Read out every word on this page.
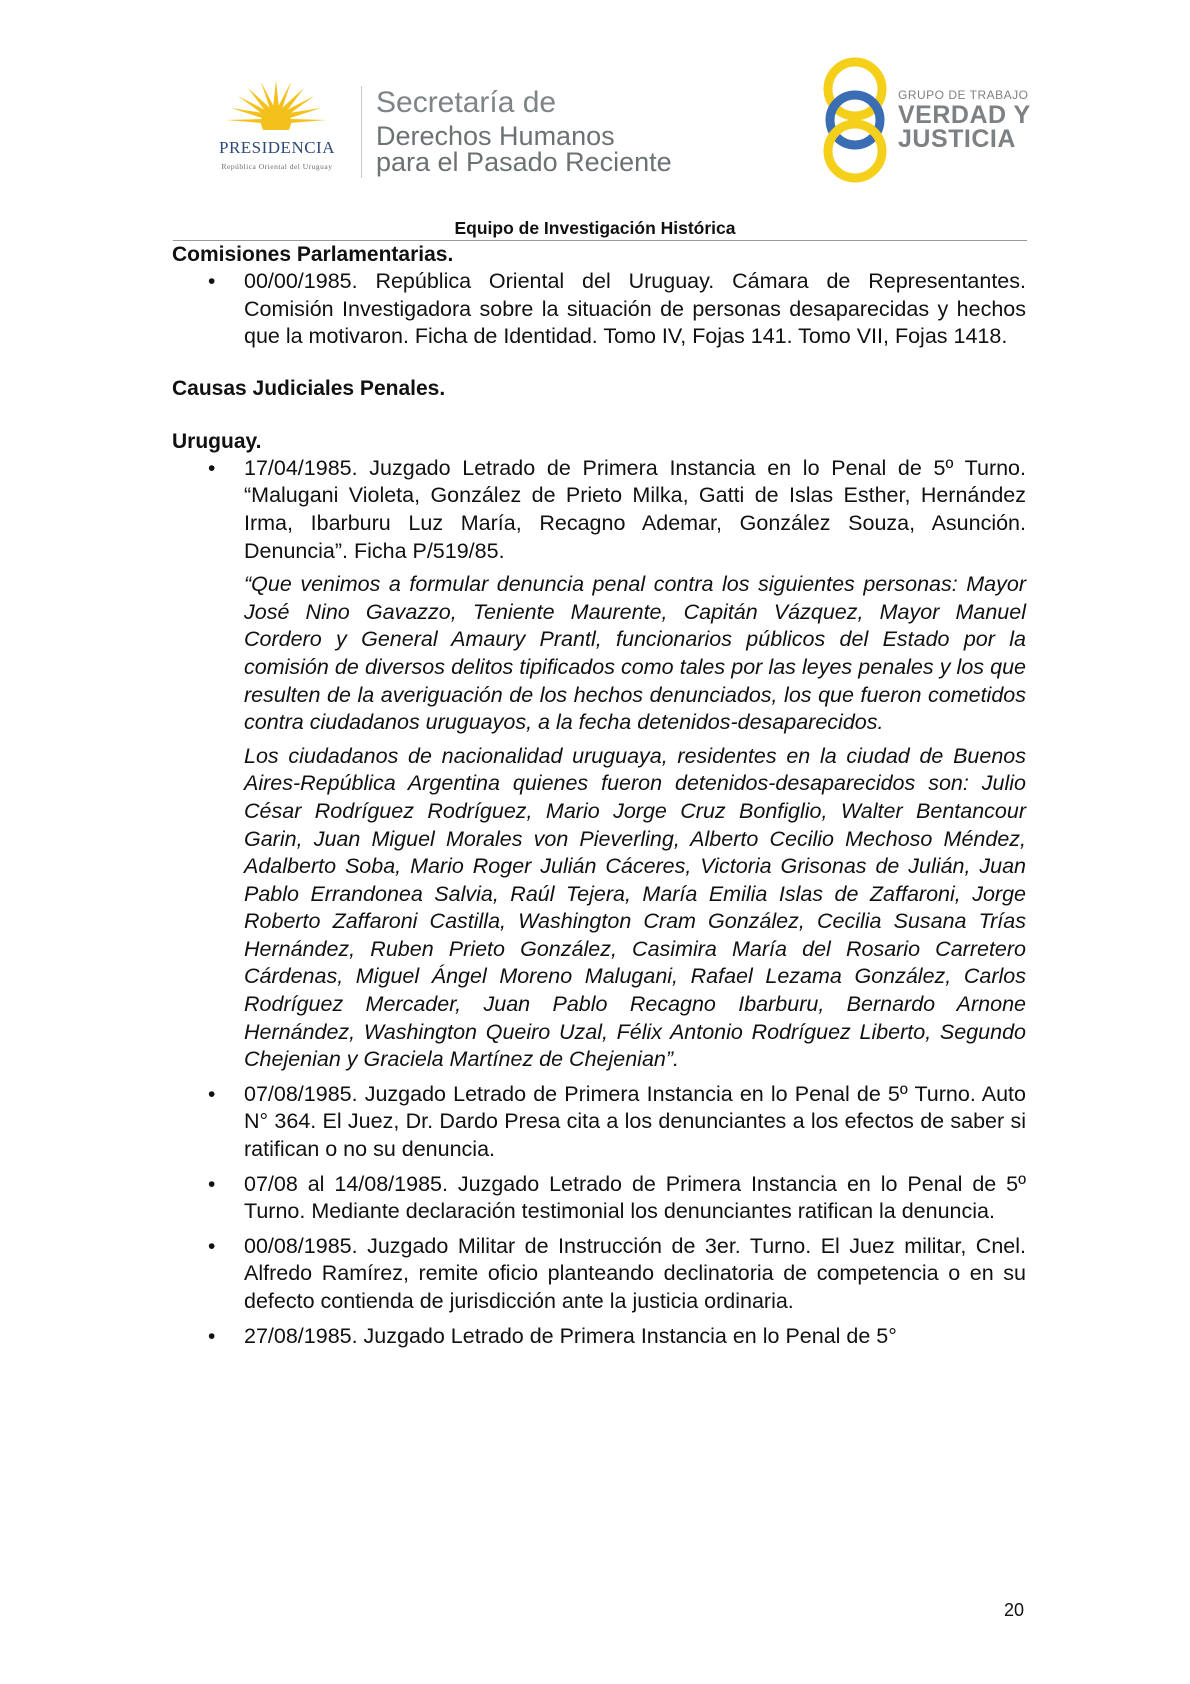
PRESIDENCIA
República Oriental del Uruguay
Secretaría de
Derechos Humanos
para el Pasado Reciente
GRUPO DE TRABAJO
VERDAD Y
JUSTICIA
Equipo de Investigación Histórica
Comisiones Parlamentarias.
• 00/00/1985. República Oriental del Uruguay. Cámara de Representantes. Comisión Investigadora sobre la situación de personas desaparecidas y hechos que la motivaron. Ficha de Identidad. Tomo IV, Fojas 141. Tomo VII, Fojas 1418.

Causas Judiciales Penales.
Uruguay.
• 17/04/1985. Juzgado Letrado de Primera Instancia en lo Penal de 5º Turno. “Malugani Violeta, González de Prieto Milka, Gatti de Islas Esther, Hernández Irma, Ibarburu Luz María, Recagno Ademar, González Souza, Asunción. Denuncia”. Ficha P/519/85.

“Que venimos a formular denuncia penal contra los siguientes personas: Mayor José Nino Gavazzo, Teniente Maurente, Capitán Vázquez, Mayor Manuel Cordero y General Amaury Prantl, funcionarios públicos del Estado por la comisión de diversos delitos tipificados como tales por las leyes penales y los que resulten de la averiguación de los hechos denunciados, los que fueron cometidos contra ciudadanos uruguayos, a la fecha detenidos-desaparecidos.

Los ciudadanos de nacionalidad uruguaya, residentes en la ciudad de Buenos Aires-República Argentina quienes fueron detenidos-desaparecidos son: Julio César Rodríguez Rodríguez, Mario Jorge Cruz Bonfiglio, Walter Bentancour Garin, Juan Miguel Morales von Pieverling, Alberto Cecilio Mechoso Méndez, Adalberto Soba, Mario Roger Julián Cáceres, Victoria Grisonas de Julián, Juan Pablo Errandonea Salvia, Raúl Tejera, María Emilia Islas de Zaffaroni, Jorge Roberto Zaffaroni Castilla, Washington Cram González, Cecilia Susana Trías Hernández, Ruben Prieto González, Casimira María del Rosario Carretero Cárdenas, Miguel Ángel Moreno Malugani, Rafael Lezama González, Carlos Rodríguez Mercader, Juan Pablo Recagno Ibarburu, Bernardo Arnone Hernández, Washington Queiro Uzal, Félix Antonio Rodríguez Liberto, Segundo Chejenian y Graciela Martínez de Chejenian”.

• 07/08/1985. Juzgado Letrado de Primera Instancia en lo Penal de 5º Turno. Auto N° 364. El Juez, Dr. Dardo Presa cita a los denunciantes a los efectos de saber si ratifican o no su denuncia.

• 07/08 al 14/08/1985. Juzgado Letrado de Primera Instancia en lo Penal de 5º Turno. Mediante declaración testimonial los denunciantes ratifican la denuncia.

• 00/08/1985. Juzgado Militar de Instrucción de 3er. Turno. El Juez militar, Cnel. Alfredo Ramírez, remite oficio planteando declinatoria de competencia o en su defecto contienda de jurisdicción ante la justicia ordinaria.

• 27/08/1985. Juzgado Letrado de Primera Instancia en lo Penal de 5°

20
